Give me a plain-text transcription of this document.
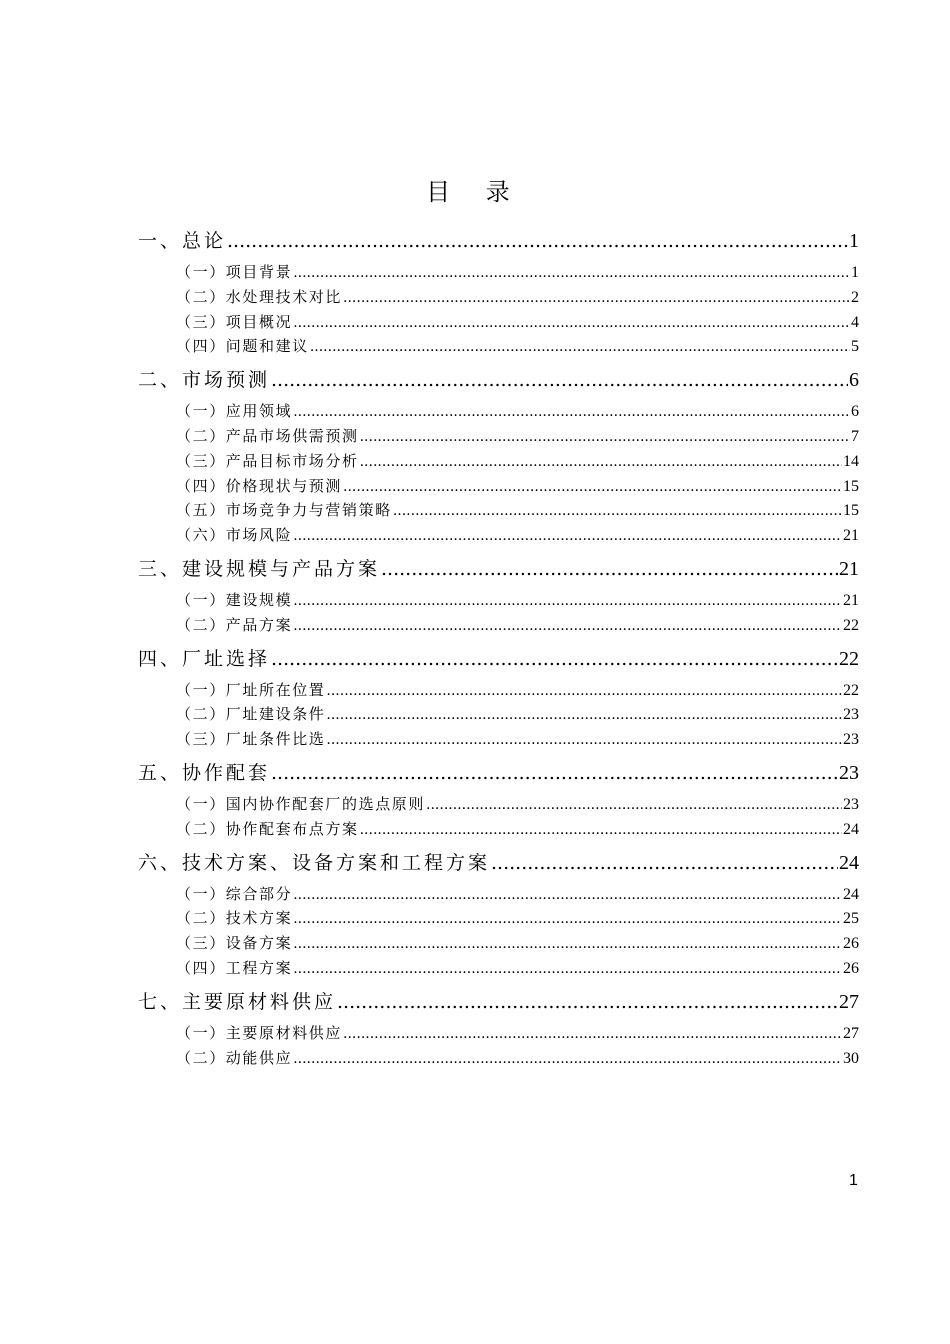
目 录
一、总论 .....	1
（一）项目背景 .....	1
（二）水处理技术对比 .....	2
（三）项目概况 .....	4
（四）问题和建议 .....	5
二、市场预测 .....	6
（一）应用领域 .....	6
（二）产品市场供需预测 .....	7
（三）产品目标市场分析 .....	14
（四）价格现状与预测 .....	15
（五）市场竞争力与营销策略 .....	15
（六）市场风险 .....	21
三、建设规模与产品方案 .....	21
（一）建设规模 .....	21
（二）产品方案 .....	22
四、厂址选择 .....	22
（一）厂址所在位置 .....	22
（二）厂址建设条件 .....	23
（三）厂址条件比选 .....	23
五、协作配套 .....	23
（一）国内协作配套厂的选点原则 .....	23
（二）协作配套布点方案 .....	24
六、技术方案、设备方案和工程方案 .....	24
（一）综合部分 .....	24
（二）技术方案 .....	25
（三）设备方案 .....	26
（四）工程方案 .....	26
七、主要原材料供应 .....	27
（一）主要原材料供应 .....	27
（二）动能供应 .....	30
1
